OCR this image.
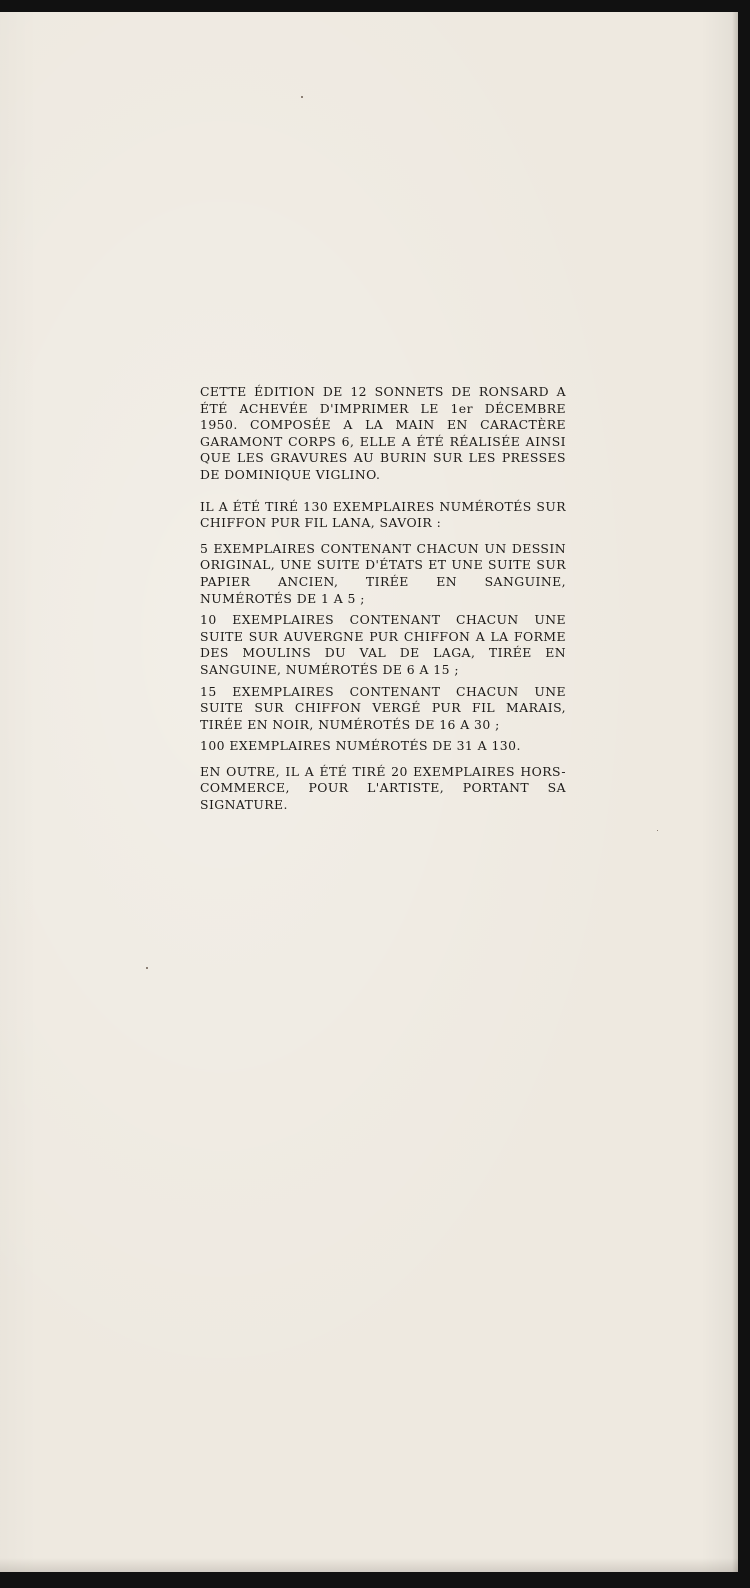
CETTE ÉDITION DE 12 SONNETS DE RONSARD A ÉTÉ ACHEVÉE D'IMPRIMER LE 1er DÉCEMBRE 1950. COMPOSÉE A LA MAIN EN CARACTÈRE GARAMONT CORPS 6, ELLE A ÉTÉ RÉALISÉE AINSI QUE LES GRAVURES AU BURIN SUR LES PRESSES DE DOMINIQUE VIGLINO.

IL A ÉTÉ TIRÉ 130 EXEMPLAIRES NUMÉROTÉS SUR CHIFFON PUR FIL LANA, SAVOIR :

5 EXEMPLAIRES CONTENANT CHACUN UN DESSIN ORIGINAL, UNE SUITE D'ÉTATS ET UNE SUITE SUR PAPIER ANCIEN, TIRÉE EN SANGUINE, NUMÉROTÉS DE 1 A 5 ;

10 EXEMPLAIRES CONTENANT CHACUN UNE SUITE SUR AUVERGNE PUR CHIFFON A LA FORME DES MOULINS DU VAL DE LAGA, TIRÉE EN SANGUINE, NUMÉROTÉS DE 6 A 15 ;

15 EXEMPLAIRES CONTENANT CHACUN UNE SUITE SUR CHIFFON VERGÉ PUR FIL MARAIS, TIRÉE EN NOIR, NUMÉROTÉS DE 16 A 30 ;

100 EXEMPLAIRES NUMÉROTÉS DE 31 A 130.

EN OUTRE, IL A ÉTÉ TIRÉ 20 EXEMPLAIRES HORS-COMMERCE, POUR L'ARTISTE, PORTANT SA SIGNATURE.
